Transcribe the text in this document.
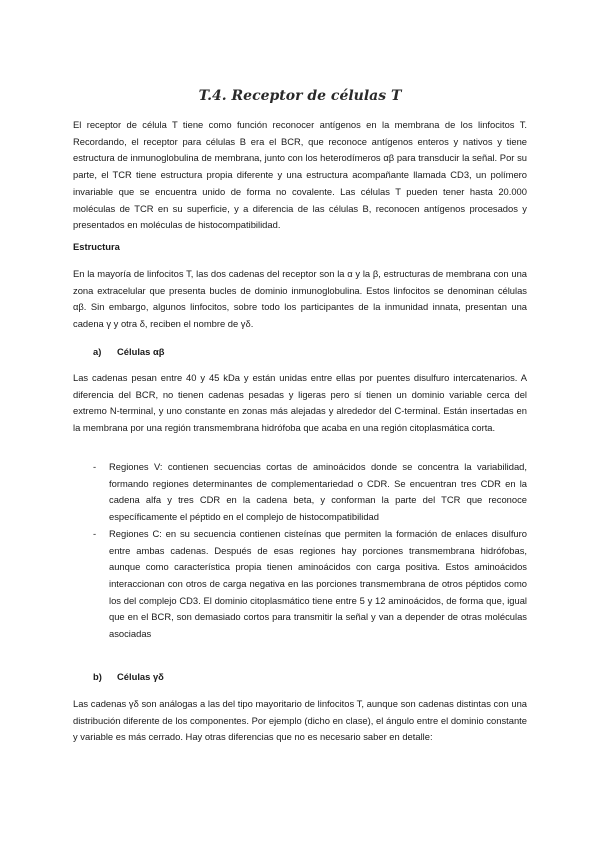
T.4. Receptor de células T

El receptor de célula T tiene como función reconocer antígenos en la membrana de los linfocitos T. Recordando, el receptor para células B era el BCR, que reconoce antígenos enteros y nativos y tiene estructura de inmunoglobulina de membrana, junto con los heterodímeros αβ para transducir la señal. Por su parte, el TCR tiene estructura propia diferente y una estructura acompañante llamada CD3, un polímero invariable que se encuentra unido de forma no covalente. Las células T pueden tener hasta 20.000 moléculas de TCR en su superficie, y a diferencia de las células B, reconocen antígenos procesados y presentados en moléculas de histocompatibilidad.

Estructura

En la mayoría de linfocitos T, las dos cadenas del receptor son la α y la β, estructuras de membrana con una zona extracelular que presenta bucles de dominio inmunoglobulina. Estos linfocitos se denominan células αβ. Sin embargo, algunos linfocitos, sobre todo los participantes de la inmunidad innata, presentan una cadena γ y otra δ, reciben el nombre de γδ.

a) Células αβ

Las cadenas pesan entre 40 y 45 kDa y están unidas entre ellas por puentes disulfuro intercatenarios. A diferencia del BCR, no tienen cadenas pesadas y ligeras pero sí tienen un dominio variable cerca del extremo N-terminal, y uno constante en zonas más alejadas y alrededor del C-terminal. Están insertadas en la membrana por una región transmembrana hidrófoba que acaba en una región citoplasmática corta.

- Regiones V: contienen secuencias cortas de aminoácidos donde se concentra la variabilidad, formando regiones determinantes de complementariedad o CDR. Se encuentran tres CDR en la cadena alfa y tres CDR en la cadena beta, y conforman la parte del TCR que reconoce específicamente el péptido en el complejo de histocompatibilidad
- Regiones C: en su secuencia contienen cisteínas que permiten la formación de enlaces disulfuro entre ambas cadenas. Después de esas regiones hay porciones transmembrana hidrófobas, aunque como característica propia tienen aminoácidos con carga positiva. Estos aminoácidos interaccionan con otros de carga negativa en las porciones transmembrana de otros péptidos como los del complejo CD3. El dominio citoplasmático tiene entre 5 y 12 aminoácidos, de forma que, igual que en el BCR, son demasiado cortos para transmitir la señal y van a depender de otras moléculas asociadas
b) Células γδ

Las cadenas γδ son análogas a las del tipo mayoritario de linfocitos T, aunque son cadenas distintas con una distribución diferente de los componentes. Por ejemplo (dicho en clase), el ángulo entre el dominio constante y variable es más cerrado. Hay otras diferencias que no es necesario saber en detalle:
